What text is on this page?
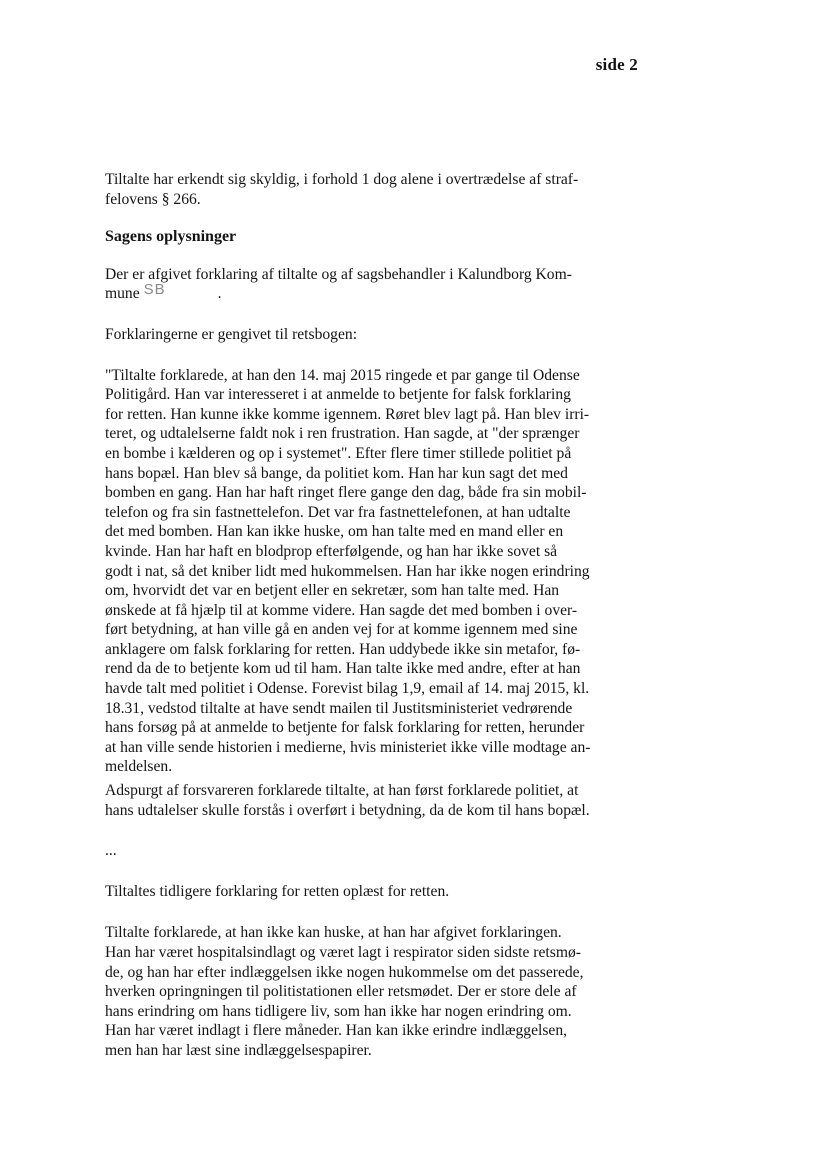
side 2

Tiltalte har erkendt sig skyldig, i forhold 1 dog alene i overtrædelse af straf-
felovens § 266.

Sagens oplysninger

Der er afgivet forklaring af tiltalte og af sagsbehandler i Kalundborg Kom-
mune SB	.

Forklaringerne er gengivet til retsbogen:

"Tiltalte forklarede, at han den 14. maj 2015 ringede et par gange til Odense
Politigård. Han var interesseret i at anmelde to betjente for falsk forklaring
for retten. Han kunne ikke komme igennem. Røret blev lagt på. Han blev irri-
teret, og udtalelserne faldt nok i ren frustration. Han sagde, at "der sprænger
en bombe i kælderen og op i systemet". Efter flere timer stillede politiet på
hans bopæl. Han blev så bange, da politiet kom. Han har kun sagt det med
bomben en gang. Han har haft ringet flere gange den dag, både fra sin mobil-
telefon og fra sin fastnettelefon. Det var fra fastnettelefonen, at han udtalte
det med bomben. Han kan ikke huske, om han talte med en mand eller en
kvinde. Han har haft en blodprop efterfølgende, og han har ikke sovet så
godt i nat, så det kniber lidt med hukommelsen. Han har ikke nogen erindring
om, hvorvidt det var en betjent eller en sekretær, som han talte med. Han
ønskede at få hjælp til at komme videre. Han sagde det med bomben i over-
ført betydning, at han ville gå en anden vej for at komme igennem med sine
anklagere om falsk forklaring for retten. Han uddybede ikke sin metafor, fø-
rend da de to betjente kom ud til ham. Han talte ikke med andre, efter at han
havde talt med politiet i Odense. Forevist bilag 1,9, email af 14. maj 2015, kl.
18.31, vedstod tiltalte at have sendt mailen til Justitsministeriet vedrørende
hans forsøg på at anmelde to betjente for falsk forklaring for retten, herunder
at han ville sende historien i medierne, hvis ministeriet ikke ville modtage an-
meldelsen.

Adspurgt af forsvareren forklarede tiltalte, at han først forklarede politiet, at
hans udtalelser skulle forstås i overført i betydning, da de kom til hans bopæl.

...

Tiltaltes tidligere forklaring for retten oplæst for retten.

Tiltalte forklarede, at han ikke kan huske, at han har afgivet forklaringen.
Han har været hospitalsindlagt og været lagt i respirator siden sidste retsmø-
de, og han har efter indlæggelsen ikke nogen hukommelse om det passerede,
hverken opringningen til politistationen eller retsmødet. Der er store dele af
hans erindring om hans tidligere liv, som han ikke har nogen erindring om.
Han har været indlagt i flere måneder. Han kan ikke erindre indlæggelsen,
men han har læst sine indlæggelsespapirer.
